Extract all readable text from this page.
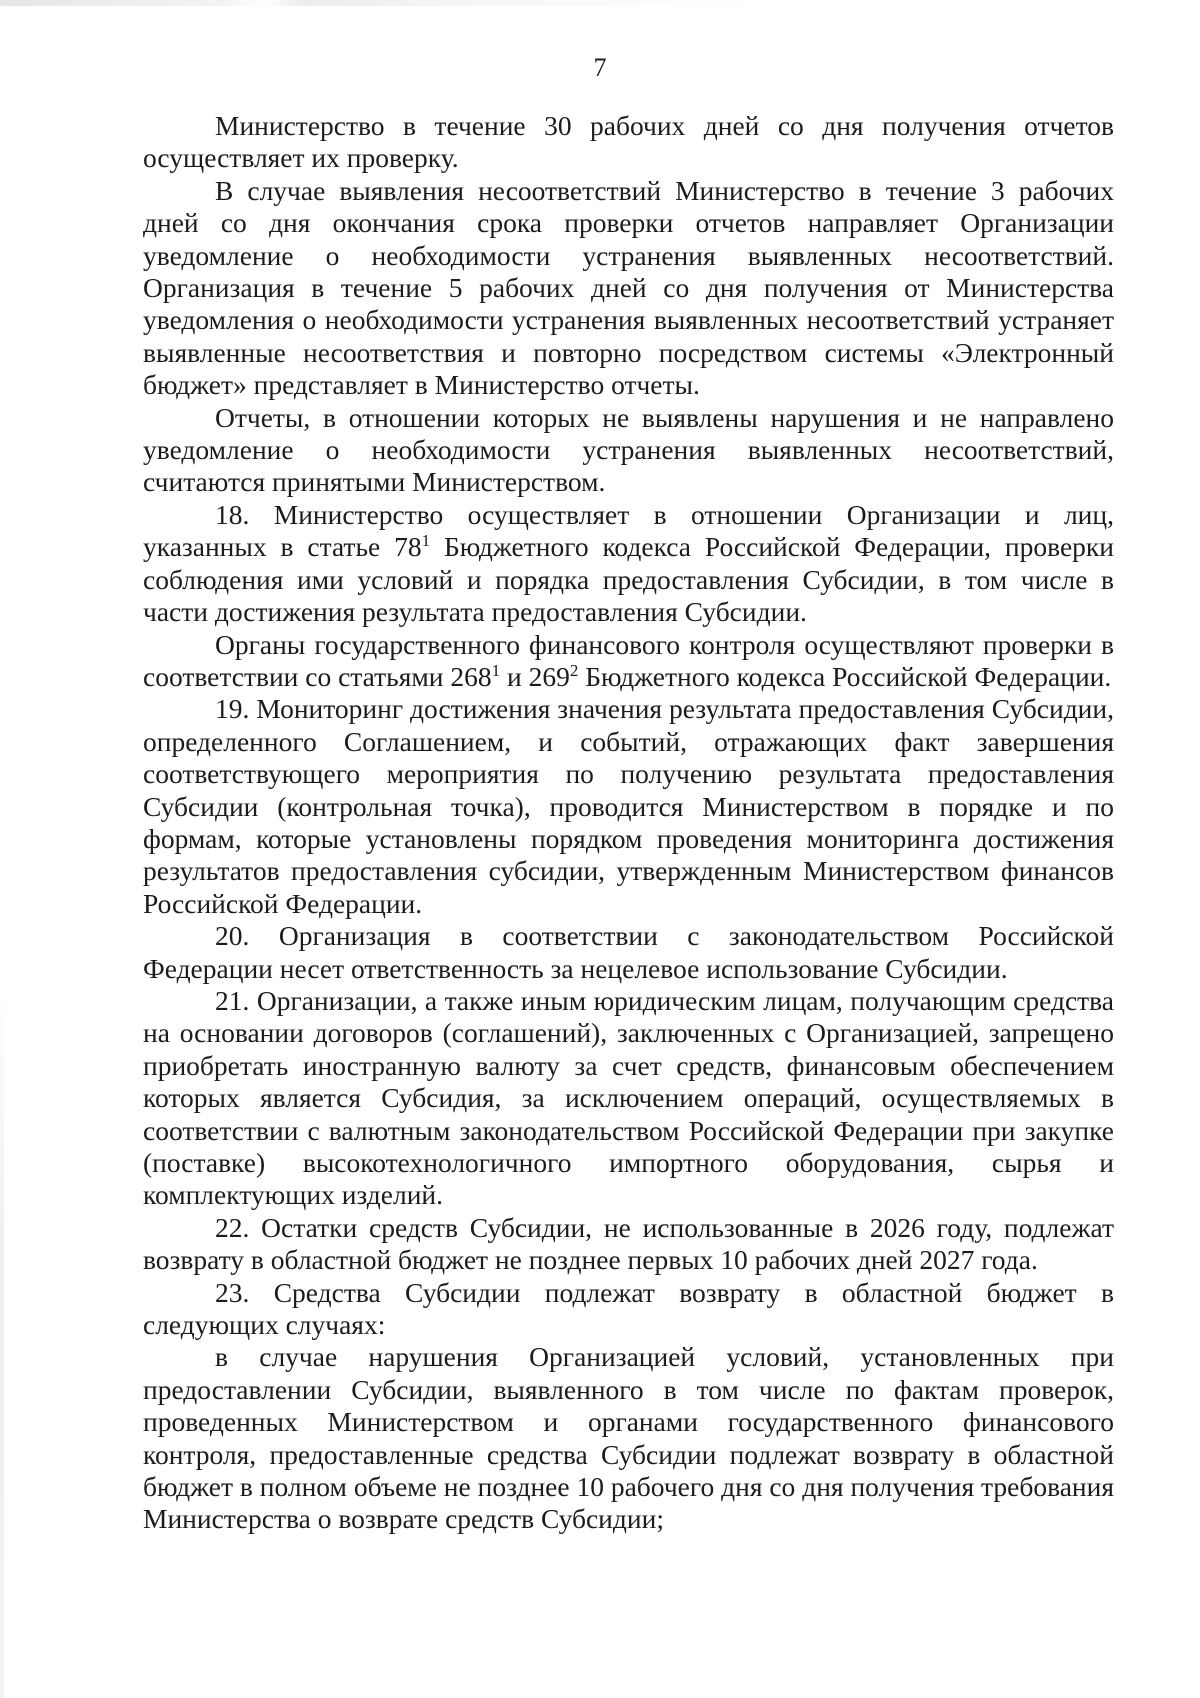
7

Министерство в течение 30 рабочих дней со дня получения отчетов осуществляет их проверку.

В случае выявления несоответствий Министерство в течение 3 рабочих дней со дня окончания срока проверки отчетов направляет Организации уведомление о необходимости устранения выявленных несоответствий. Организация в течение 5 рабочих дней со дня получения от Министерства уведомления о необходимости устранения выявленных несоответствий устраняет выявленные несоответствия и повторно посредством системы «Электронный бюджет» представляет в Министерство отчеты.

Отчеты, в отношении которых не выявлены нарушения и не направлено уведомление о необходимости устранения выявленных несоответствий, считаются принятыми Министерством.

18. Министерство осуществляет в отношении Организации и лиц, указанных в статье $78^1$ Бюджетного кодекса Российской Федерации, проверки соблюдения ими условий и порядка предоставления Субсидии, в том числе в части достижения результата предоставления Субсидии.

Органы государственного финансового контроля осуществляют проверки в соответствии со статьями $268^1$ и $269^2$ Бюджетного кодекса Российской Федерации.

19. Мониторинг достижения значения результата предоставления Субсидии, определенного Соглашением, и событий, отражающих факт завершения соответствующего мероприятия по получению результата предоставления Субсидии (контрольная точка), проводится Министерством в порядке и по формам, которые установлены порядком проведения мониторинга достижения результатов предоставления субсидии, утвержденным Министерством финансов Российской Федерации.

20. Организация в соответствии с законодательством Российской Федерации несет ответственность за нецелевое использование Субсидии.

21. Организации, а также иным юридическим лицам, получающим средства на основании договоров (соглашений), заключенных с Организацией, запрещено приобретать иностранную валюту за счет средств, финансовым обеспечением которых является Субсидия, за исключением операций, осуществляемых в соответствии с валютным законодательством Российской Федерации при закупке (поставке) высокотехнологичного импортного оборудования, сырья и комплектующих изделий.

22. Остатки средств Субсидии, не использованные в 2026 году, подлежат возврату в областной бюджет не позднее первых 10 рабочих дней 2027 года.

23. Средства Субсидии подлежат возврату в областной бюджет в следующих случаях:

в случае нарушения Организацией условий, установленных при предоставлении Субсидии, выявленного в том числе по фактам проверок, проведенных Министерством и органами государственного финансового контроля, предоставленные средства Субсидии подлежат возврату в областной бюджет в полном объеме не позднее 10 рабочего дня со дня получения требования Министерства о возврате средств Субсидии;
